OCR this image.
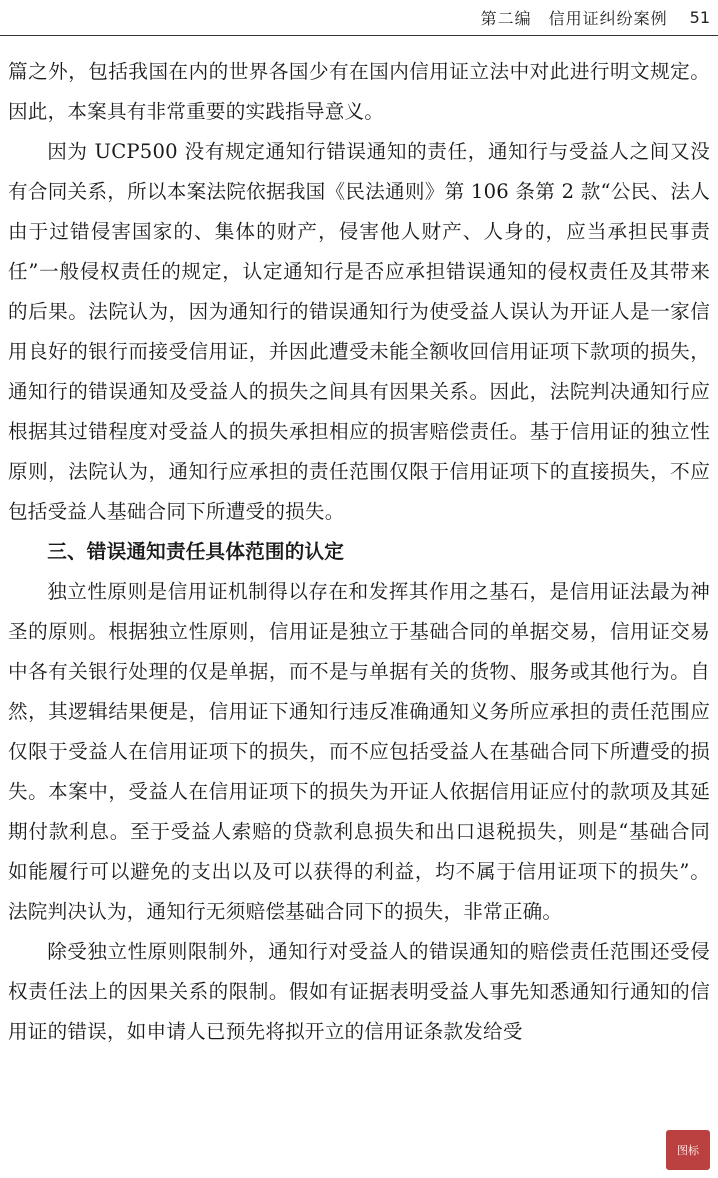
第二编　信用证纠纷案例 51

篇之外，包括我国在内的世界各国少有在国内信用证立法中对此进行明文规定。因此，本案具有非常重要的实践指导意义。

因为 UCP500 没有规定通知行错误通知的责任，通知行与受益人之间又没有合同关系，所以本案法院依据我国《民法通则》第 106 条第 2 款“公民、法人由于过错侵害国家的、集体的财产，侵害他人财产、人身的，应当承担民事责任”一般侵权责任的规定，认定通知行是否应承担错误通知的侵权责任及其带来的后果。法院认为，因为通知行的错误通知行为使受益人误认为开证人是一家信用良好的银行而接受信用证，并因此遭受未能全额收回信用证项下款项的损失，通知行的错误通知及受益人的损失之间具有因果关系。因此，法院判决通知行应根据其过错程度对受益人的损失承担相应的损害赔偿责任。基于信用证的独立性原则，法院认为，通知行应承担的责任范围仅限于信用证项下的直接损失，不应包括受益人基础合同下所遭受的损失。

三、错误通知责任具体范围的认定

独立性原则是信用证机制得以存在和发挥其作用之基石，是信用证法最为神圣的原则。根据独立性原则，信用证是独立于基础合同的单据交易，信用证交易中各有关银行处理的仅是单据，而不是与单据有关的货物、服务或其他行为。自然，其逻辑结果便是，信用证下通知行违反准确通知义务所应承担的责任范围应仅限于受益人在信用证项下的损失，而不应包括受益人在基础合同下所遭受的损失。本案中，受益人在信用证项下的损失为开证人依据信用证应付的款项及其延期付款利息。至于受益人索赔的贷款利息损失和出口退税损失，则是“基础合同如能履行可以避免的支出以及可以获得的利益，均不属于信用证项下的损失”。法院判决认为，通知行无须赔偿基础合同下的损失，非常正确。

除受独立性原则限制外，通知行对受益人的错误通知的赔偿责任范围还受侵权责任法上的因果关系的限制。假如有证据表明受益人事先知悉通知行通知的信用证的错误，如申请人已预先将拟开立的信用证条款发给受

图标
